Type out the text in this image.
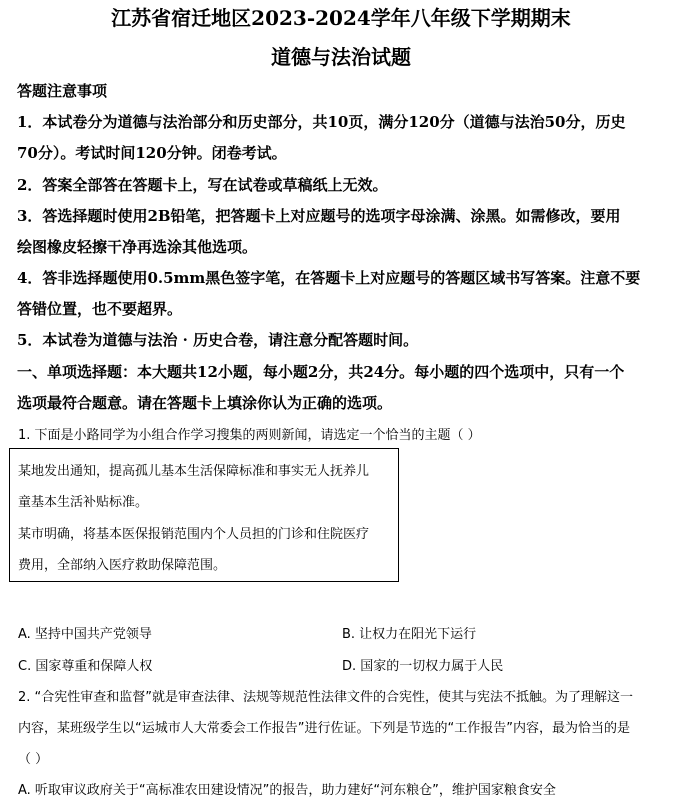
江苏省宿迁地区2023-2024学年八年级下学期期末
道德与法治试题
答题注意事项
1．本试卷分为道德与法治部分和历史部分，共10页，满分120分（道德与法治50分，历史
70分）。考试时间120分钟。闭卷考试。
2．答案全部答在答题卡上，写在试卷或草稿纸上无效。
3．答选择题时使用2B铅笔，把答题卡上对应题号的选项字母涂满、涂黑。如需修改，要用
绘图橡皮轻擦干净再选涂其他选项。
4．答非选择题使用0.5mm黑色签字笔，在答题卡上对应题号的答题区域书写答案。注意不要
答错位置，也不要超界。
5．本试卷为道德与法治 · 历史合卷，请注意分配答题时间。
一、单项选择题：本大题共12小题，每小题2分，共24分。每小题的四个选项中，只有一个
选项最符合题意。请在答题卡上填涂你认为正确的选项。
1. 下面是小路同学为小组合作学习搜集的两则新闻，请选定一个恰当的主题（ ）
某地发出通知，提高孤儿基本生活保障标准和事实无人抚养儿
童基本生活补贴标准。
某市明确，将基本医保报销范围内个人员担的门诊和住院医疗
费用，全部纳入医疗救助保障范围。
A. 坚持中国共产党领导	B. 让权力在阳光下运行
C. 国家尊重和保障人权	D. 国家的一切权力属于人民
2. “合宪性审查和监督”就是审查法律、法规等规范性法律文件的合宪性，使其与宪法不抵触。为了理解这一
内容，某班级学生以“运城市人大常委会工作报告”进行佐证。下列是节选的“工作报告”内容，最为恰当的是
（ ）
A. 听取审议政府关于“高标准农田建设情况”的报告，助力建好“河东粮仓”，维护国家粮食安全
